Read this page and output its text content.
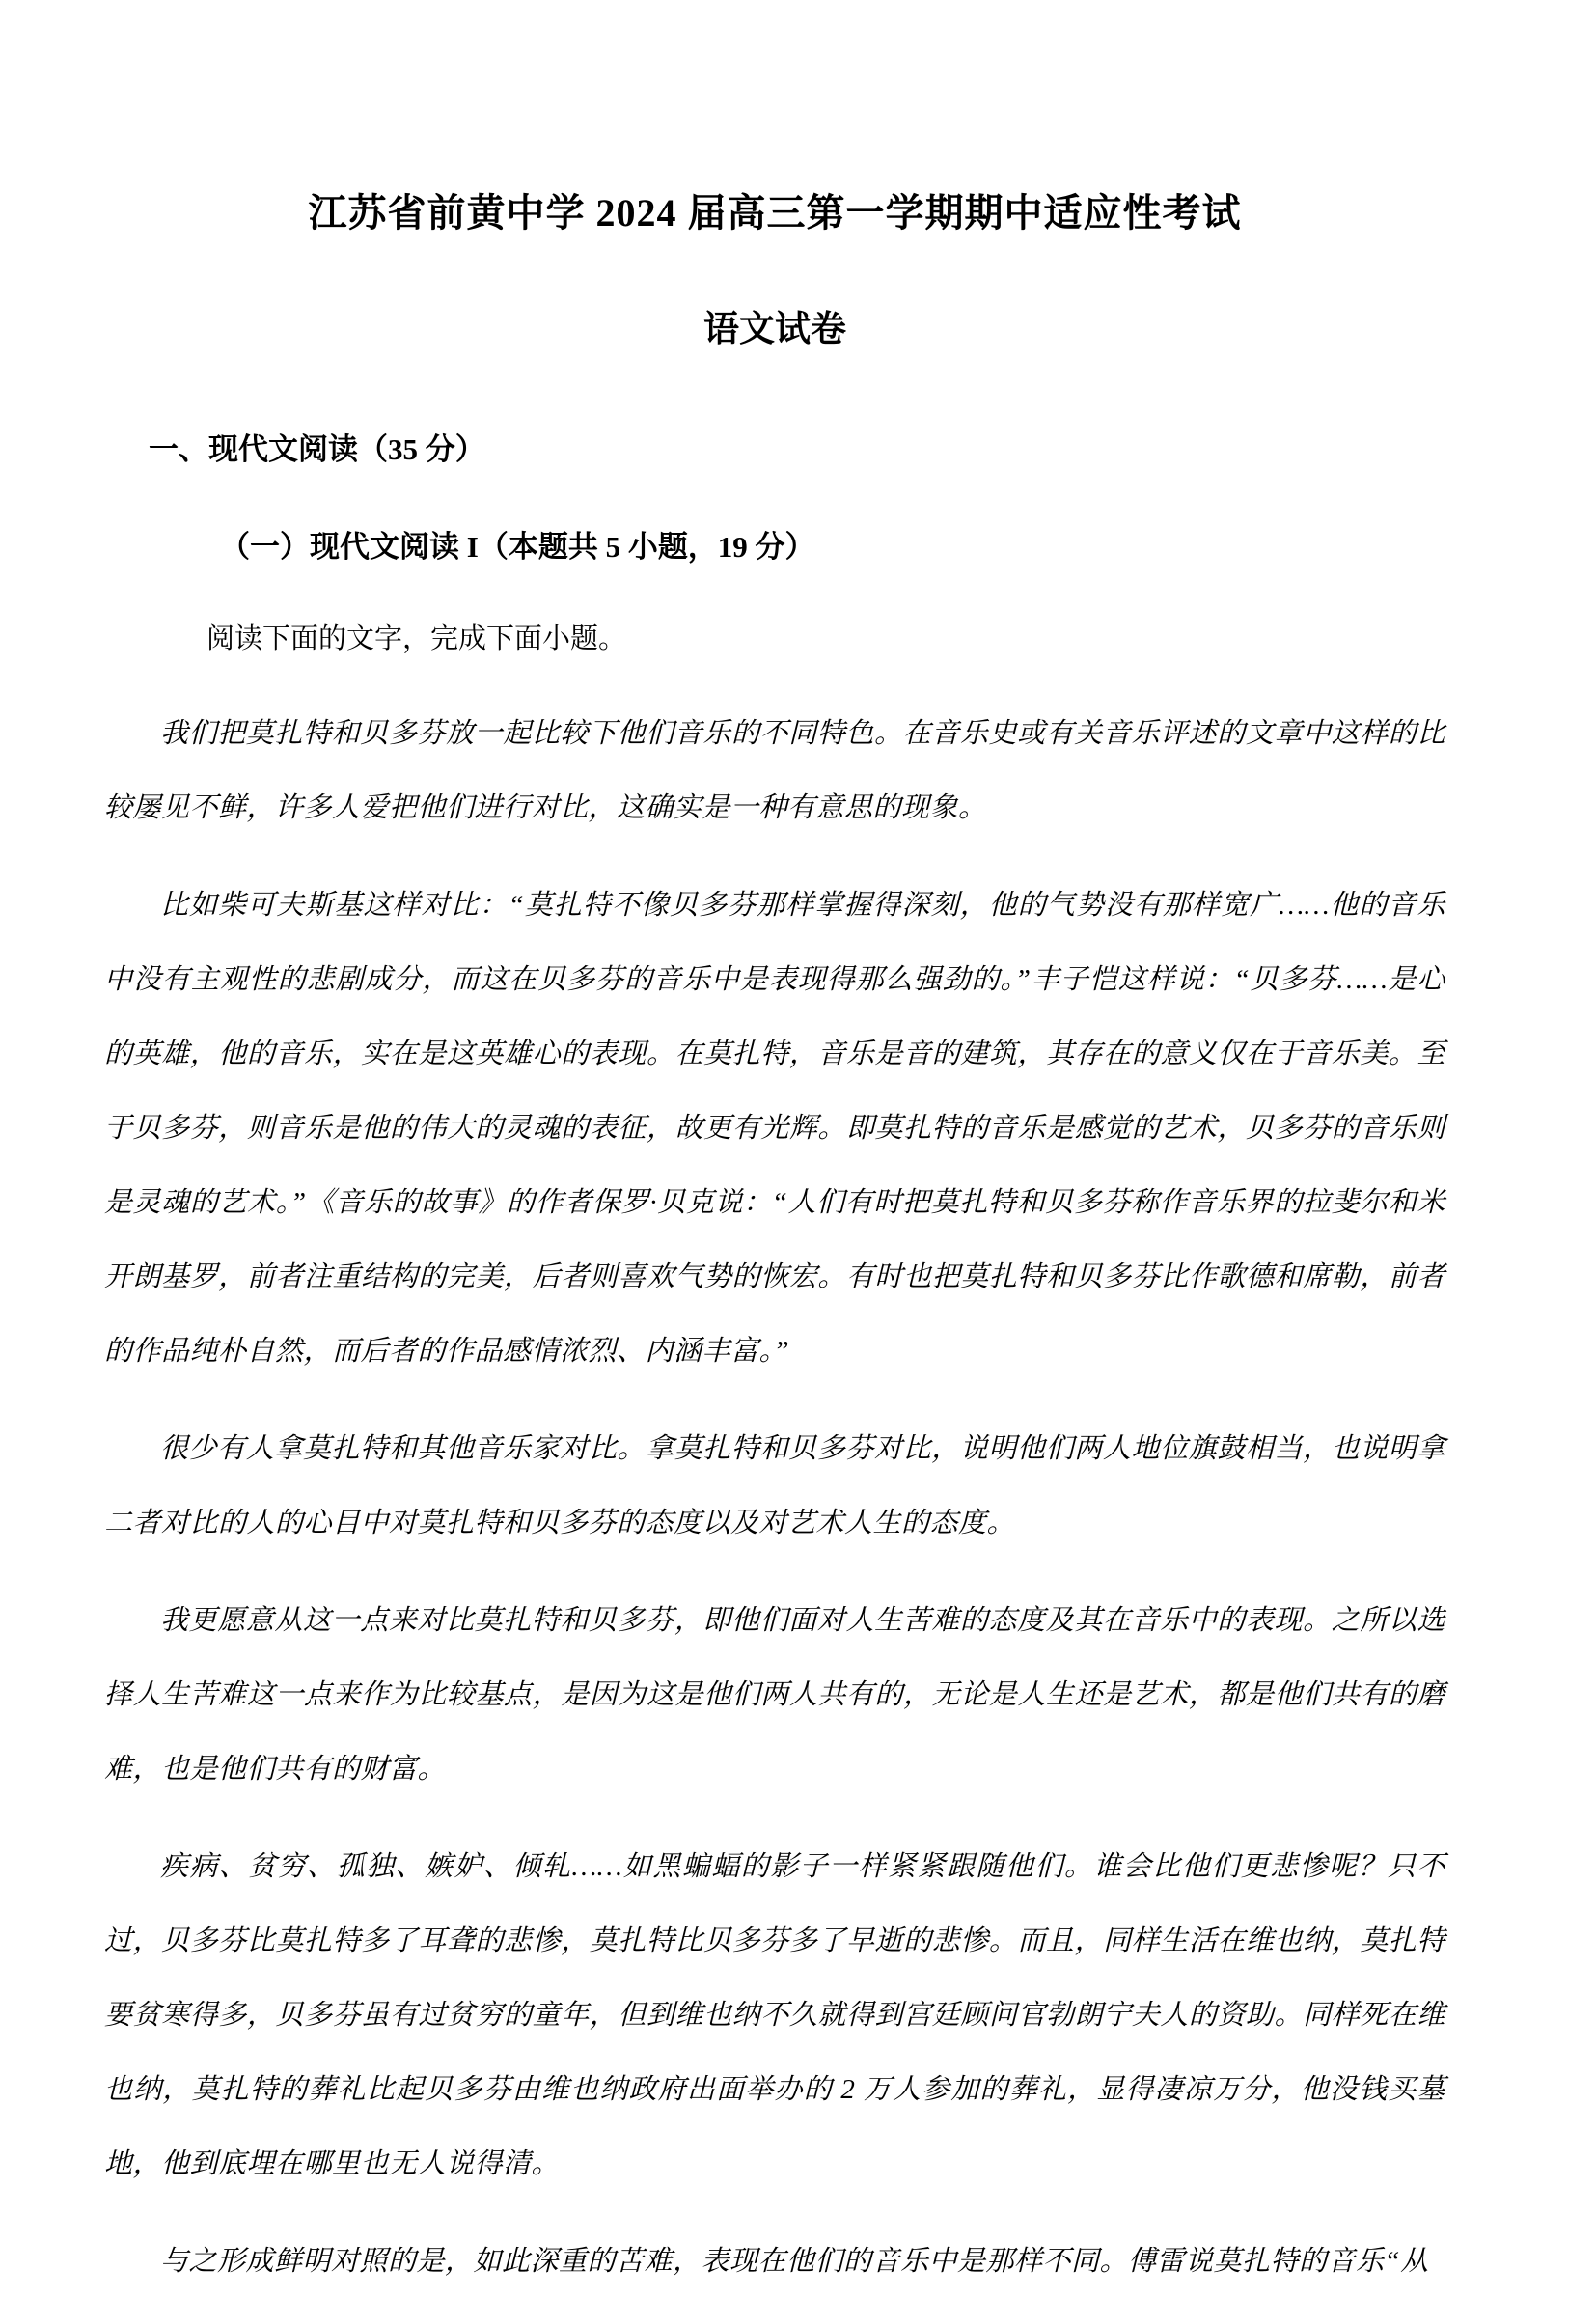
江苏省前黄中学 2024 届高三第一学期期中适应性考试
语文试卷
一、现代文阅读（35 分）
（一）现代文阅读 I（本题共 5 小题，19 分）
阅读下面的文字，完成下面小题。

我们把莫扎特和贝多芬放一起比较下他们音乐的不同特色。在音乐史或有关音乐评述的文章中这样的比较屡见不鲜，许多人爱把他们进行对比，这确实是一种有意思的现象。

比如柴可夫斯基这样对比：“莫扎特不像贝多芬那样掌握得深刻，他的气势没有那样宽广……他的音乐中没有主观性的悲剧成分，而这在贝多芬的音乐中是表现得那么强劲的。”丰子恺这样说：“贝多芬……是心的英雄，他的音乐，实在是这英雄心的表现。在莫扎特，音乐是音的建筑，其存在的意义仅在于音乐美。至于贝多芬，则音乐是他的伟大的灵魂的表征，故更有光辉。即莫扎特的音乐是感觉的艺术，贝多芬的音乐则是灵魂的艺术。”《音乐的故事》的作者保罗·贝克说：“人们有时把莫扎特和贝多芬称作音乐界的拉斐尔和米开朗基罗，前者注重结构的完美，后者则喜欢气势的恢宏。有时也把莫扎特和贝多芬比作歌德和席勒，前者的作品纯朴自然，而后者的作品感情浓烈、内涵丰富。”

很少有人拿莫扎特和其他音乐家对比。拿莫扎特和贝多芬对比，说明他们两人地位旗鼓相当，也说明拿二者对比的人的心目中对莫扎特和贝多芬的态度以及对艺术人生的态度。

我更愿意从这一点来对比莫扎特和贝多芬，即他们面对人生苦难的态度及其在音乐中的表现。之所以选择人生苦难这一点来作为比较基点，是因为这是他们两人共有的，无论是人生还是艺术，都是他们共有的磨难，也是他们共有的财富。

疾病、贫穷、孤独、嫉妒、倾轧……如黑蝙蝠的影子一样紧紧跟随他们。谁会比他们更悲惨呢？只不过，贝多芬比莫扎特多了耳聋的悲惨，莫扎特比贝多芬多了早逝的悲惨。而且，同样生活在维也纳，莫扎特要贫寒得多，贝多芬虽有过贫穷的童年，但到维也纳不久就得到宫廷顾问官勃朗宁夫人的资助。同样死在维也纳，莫扎特的葬礼比起贝多芬由维也纳政府出面举办的 2 万人参加的葬礼，显得凄凉万分，他没钱买墓地，他到底埋在哪里也无人说得清。

与之形成鲜明对照的是，如此深重的苦难，表现在他们的音乐中是那样不同。傅雷说莫扎特的音乐“从
